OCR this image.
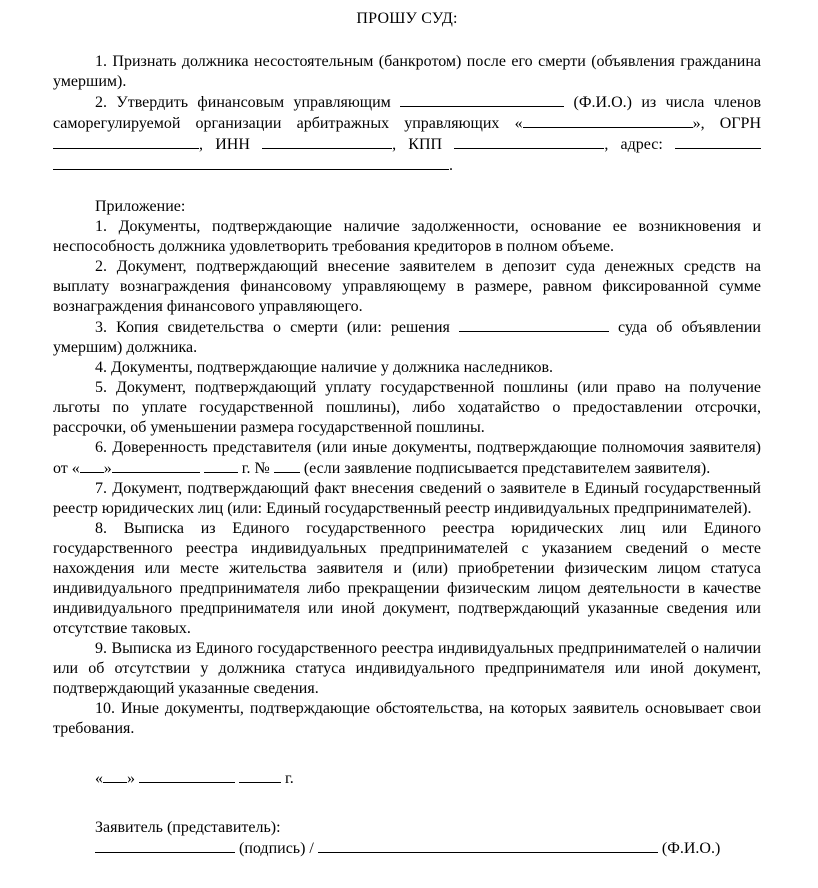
ПРОШУ СУД:

1. Признать должника несостоятельным (банкротом) после его смерти (объявления гражданина умершим).

2. Утвердить финансовым управляющим	(Ф.И.О.) из числа членов саморегулируемой организации арбитражных управляющих «	», ОГРН , ИНН	, КПП	, адрес:  .

Приложение:

1. Документы, подтверждающие наличие задолженности, основание ее возникновения и неспособность должника удовлетворить требования кредиторов в полном объеме.

2. Документ, подтверждающий внесение заявителем в депозит суда денежных средств на выплату вознаграждения финансовому управляющему в размере, равном фиксированной сумме вознаграждения финансового управляющего.

3. Копия свидетельства о смерти (или: решения	суда об объявлении умершим) должника.

4. Документы, подтверждающие наличие у должника наследников.

5. Документ, подтверждающий уплату государственной пошлины (или право на получение льготы по уплате государственной пошлины), либо ходатайство о предоставлении отсрочки, рассрочки, об уменьшении размера государственной пошлины.

6. Доверенность представителя (или иные документы, подтверждающие полномочия заявителя) от « »	г. № (если заявление подписывается представителем заявителя).

7. Документ, подтверждающий факт внесения сведений о заявителе в Единый государственный реестр юридических лиц (или: Единый государственный реестр индивидуальных предпринимателей).

8. Выписка из Единого государственного реестра юридических лиц или Единого государственного реестра индивидуальных предпринимателей с указанием сведений о месте нахождения или месте жительства заявителя и (или) приобретении физическим лицом статуса индивидуального предпринимателя либо прекращении физическим лицом деятельности в качестве индивидуального предпринимателя или иной документ, подтверждающий указанные сведения или отсутствие таковых.

9. Выписка из Единого государственного реестра индивидуальных предпринимателей о наличии или об отсутствии у должника статуса индивидуального предпринимателя или иной документ, подтверждающий указанные сведения.

10. Иные документы, подтверждающие обстоятельства, на которых заявитель основывает свои требования.

« »	г.

Заявитель (представитель):

(подпись) /	(Ф.И.О.)
